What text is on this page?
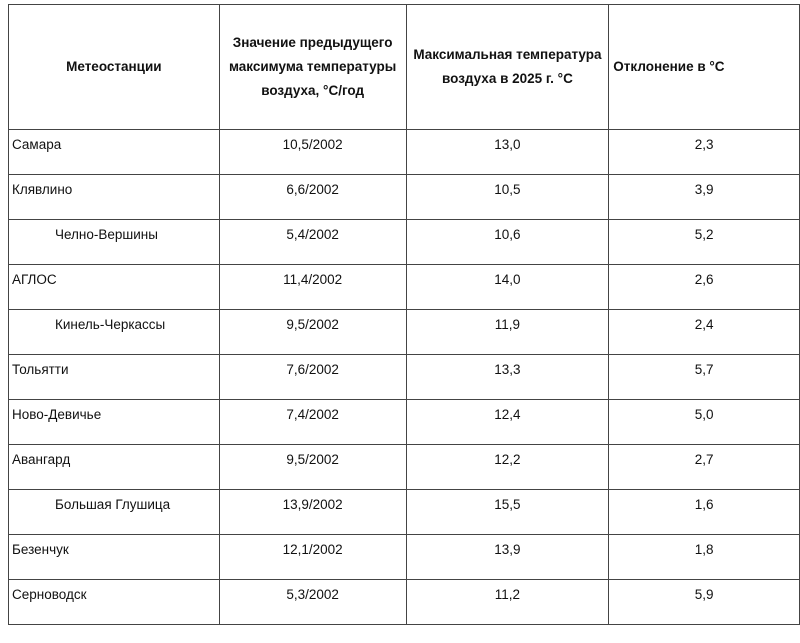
Метеостанции	Значение предыдущего максимума температуры воздуха, °С/год	Максимальная температура воздуха в 2025 г. °С	Отклонение в °С
Самара	10,5/2002	13,0	2,3
Клявлино	6,6/2002	10,5	3,9
Челно-Вершины	5,4/2002	10,6	5,2
АГЛОС	11,4/2002	14,0	2,6
Кинель-Черкассы	9,5/2002	11,9	2,4
Тольятти	7,6/2002	13,3	5,7
Ново-Девичье	7,4/2002	12,4	5,0
Авангард	9,5/2002	12,2	2,7
Большая Глушица	13,9/2002	15,5	1,6
Безенчук	12,1/2002	13,9	1,8
Серноводск	5,3/2002	11,2	5,9
